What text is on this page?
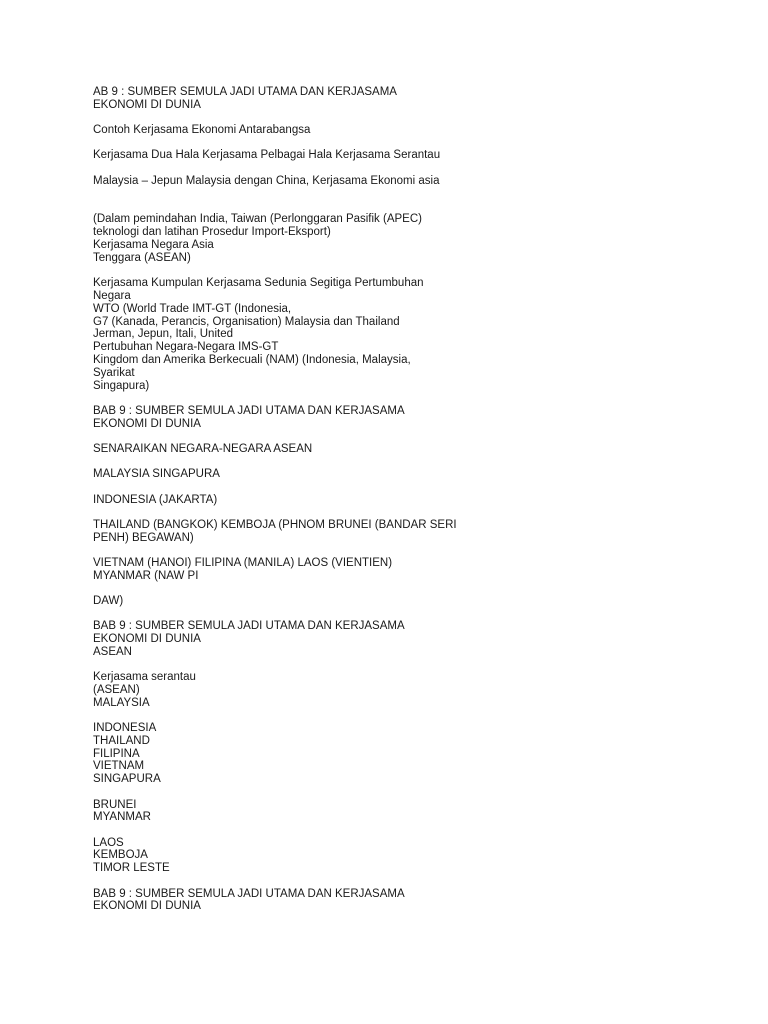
AB 9 : SUMBER SEMULA JADI UTAMA DAN KERJASAMA
EKONOMI DI DUNIA
Contoh Kerjasama Ekonomi Antarabangsa
Kerjasama Dua Hala Kerjasama Pelbagai Hala Kerjasama Serantau
Malaysia – Jepun Malaysia dengan China, Kerjasama Ekonomi asia
(Dalam pemindahan India, Taiwan (Perlonggaran Pasifik (APEC)
teknologi dan latihan Prosedur Import-Eksport)
Kerjasama Negara Asia
Tenggara (ASEAN)
Kerjasama Kumpulan Kerjasama Sedunia Segitiga Pertumbuhan
Negara
WTO (World Trade IMT-GT (Indonesia,
G7 (Kanada, Perancis, Organisation) Malaysia dan Thailand
Jerman, Jepun, Itali, United
Pertubuhan Negara-Negara IMS-GT
Kingdom dan Amerika Berkecuali (NAM) (Indonesia, Malaysia,
Syarikat
Singapura)
BAB 9 : SUMBER SEMULA JADI UTAMA DAN KERJASAMA
EKONOMI DI DUNIA
SENARAIKAN NEGARA-NEGARA ASEAN
MALAYSIA SINGAPURA
INDONESIA (JAKARTA)
THAILAND (BANGKOK) KEMBOJA (PHNOM BRUNEI (BANDAR SERI
PENH) BEGAWAN)
VIETNAM (HANOI) FILIPINA (MANILA) LAOS (VIENTIEN)
MYANMAR (NAW PI
DAW)
BAB 9 : SUMBER SEMULA JADI UTAMA DAN KERJASAMA
EKONOMI DI DUNIA
ASEAN
Kerjasama serantau
(ASEAN)
MALAYSIA
INDONESIA
THAILAND
FILIPINA
VIETNAM
SINGAPURA
BRUNEI
MYANMAR
LAOS
KEMBOJA
TIMOR LESTE
BAB 9 : SUMBER SEMULA JADI UTAMA DAN KERJASAMA
EKONOMI DI DUNIA
